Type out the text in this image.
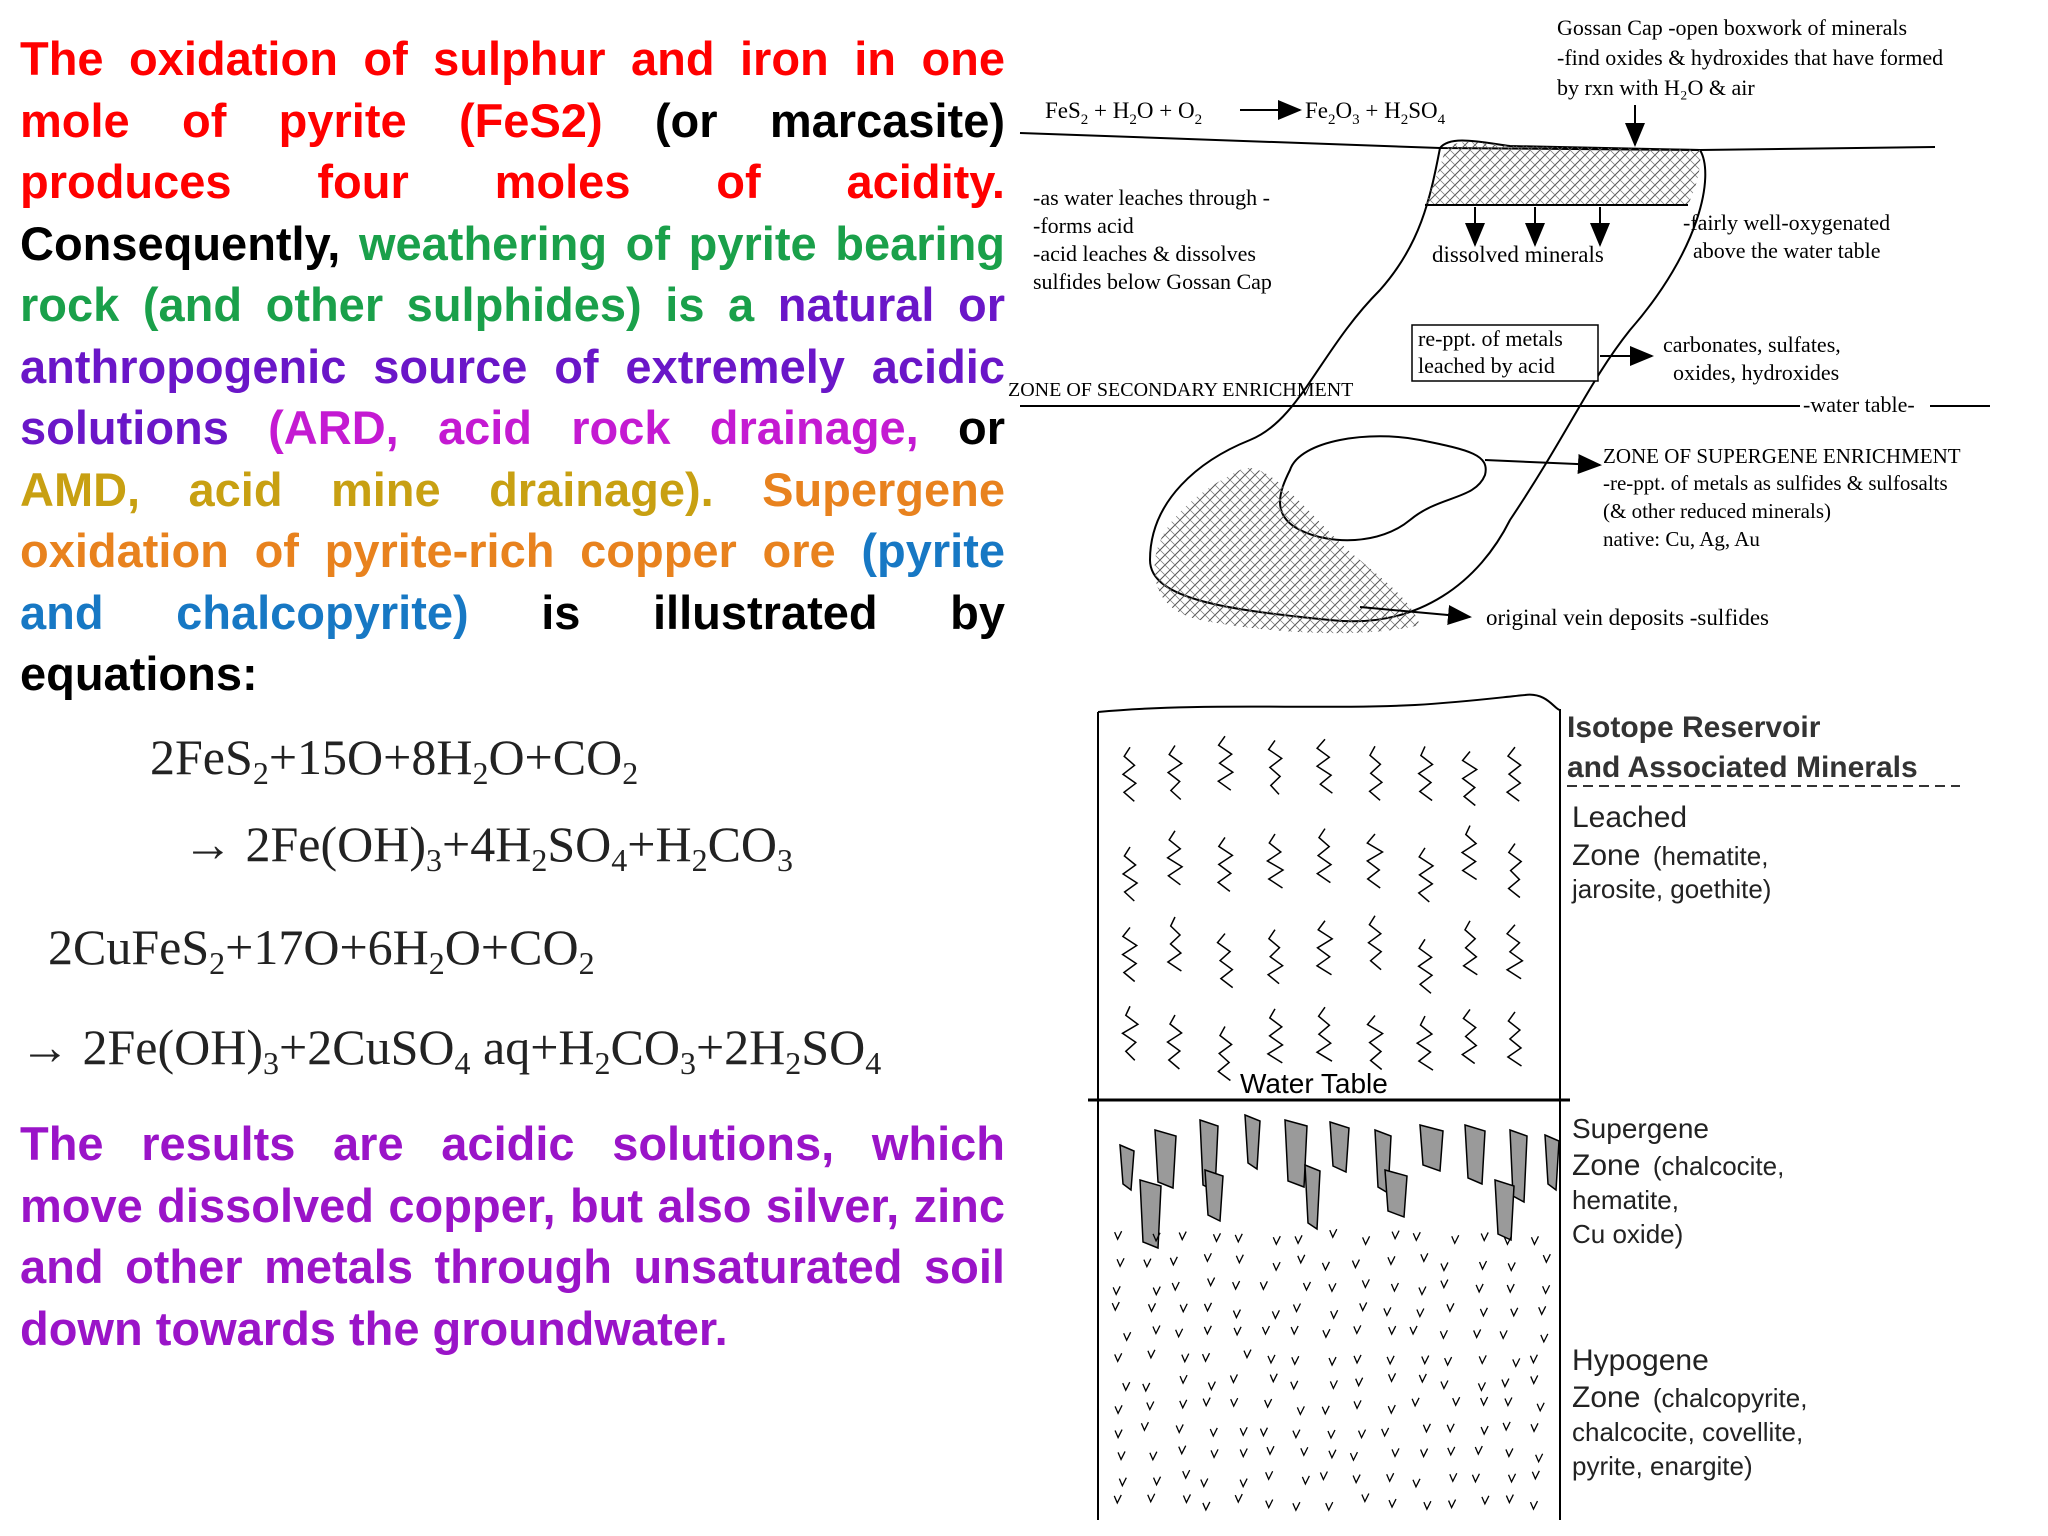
The oxidation of sulphur and iron in one mole of pyrite (FeS2) (or marcasite) produces four moles of acidity. Consequently, weathering of pyrite bearing rock (and other sulphides) is a natural or anthropogenic source of extremely acidic solutions (ARD, acid rock drainage, or AMD, acid mine drainage). Supergene oxidation of pyrite-rich copper ore (pyrite and chalcopyrite) is illustrated by equations:
$2FeS_2+15O+8H_2O+CO_2$
→ $2Fe(OH)_3+4H_2SO_4+H_2CO_3$
$2CuFeS_2+17O+6H_2O+CO_2$
→ $2Fe(OH)_3+2CuSO_4$ $aq+H_2CO_3+2H_2SO_4$

The results are acidic solutions, which move dissolved copper, but also silver, zinc and other metals through unsaturated soil down towards the groundwater.

$FeS_2 + H_2O + O_2$	$Fe_2O_3 + H_2SO_4$
Gossan Cap -open boxwork of minerals -find oxides & hydroxides that have formed by rxn with H₂O & air
dissolved minerals
-as water leaches through - -forms acid -acid leaches & dissolves sulfides below Gossan Cap
-fairly well-oxygenated above the water table
re-ppt. of metals leached by acid
carbonates, sulfates, oxides, hydroxides
ZONE OF SECONDARY ENRICHMENT
-water table-
ZONE OF SUPERGENE ENRICHMENT -re-ppt. of metals as sulfides & sulfosalts (& other reduced minerals) native: Cu, Ag, Au
original vein deposits -sulfides
Water Table
Isotope Reservoir and Associated Minerals
Leached Zone (hematite, jarosite, goethite)
Supergene Zone (chalcocite, hematite, Cu oxide)
Hypogene Zone (chalcopyrite, chalcocite, covellite, pyrite, enargite)
